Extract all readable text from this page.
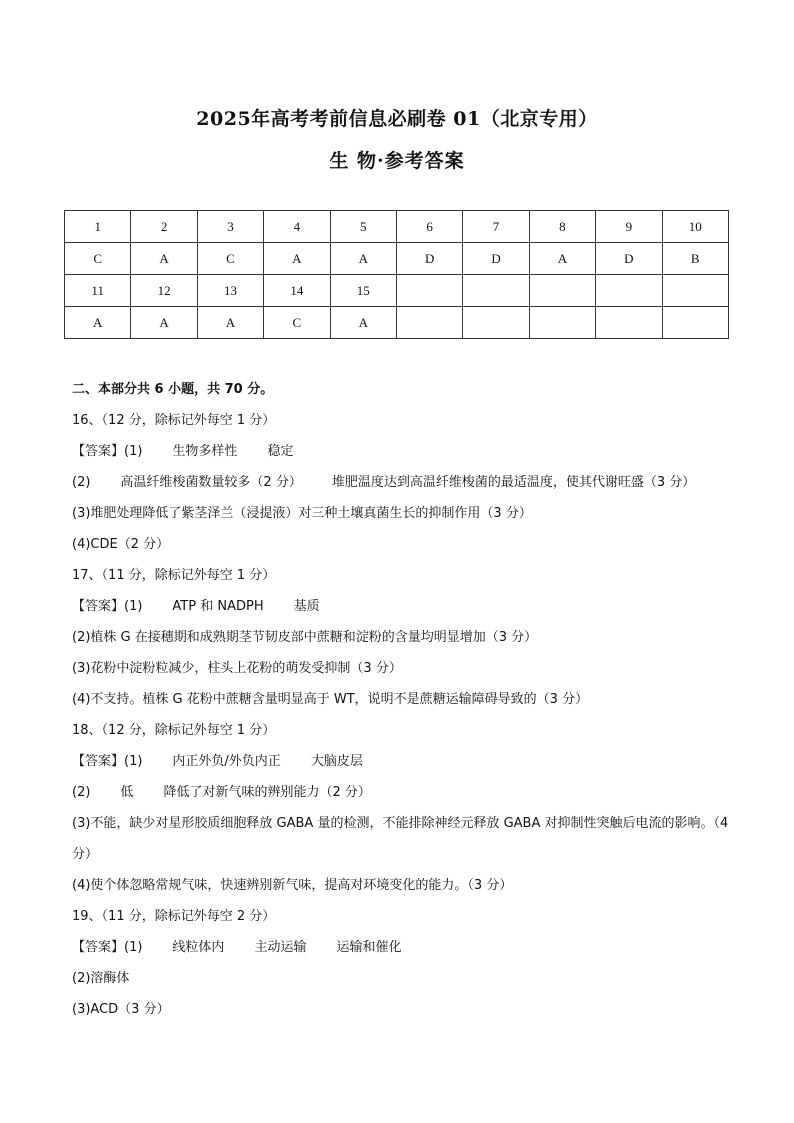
2025年高考考前信息必刷卷 01（北京专用）
生 物·参考答案
1	2	3	4	5	6	7	8	9	10
C	A	C	A	A	D	D	A	D	B
11	12	13	14	15					
A	A	A	C	A					
二、本部分共 6 小题，共 70 分。
16、（12 分，除标记外每空 1 分）
【答案】(1) 生物多样性 稳定
(2) 高温纤维梭菌数量较多（2 分） 堆肥温度达到高温纤维梭菌的最适温度，使其代谢旺盛（3 分）
(3)堆肥处理降低了紫茎泽兰（浸提液）对三种土壤真菌生长的抑制作用（3 分）
(4)CDE（2 分）
17、（11 分，除标记外每空 1 分）
【答案】(1) ATP 和 NADPH 基质
(2)植株 G 在接穗期和成熟期茎节韧皮部中蔗糖和淀粉的含量均明显增加（3 分）
(3)花粉中淀粉粒减少，柱头上花粉的萌发受抑制（3 分）
(4)不支持。植株 G 花粉中蔗糖含量明显高于 WT，说明不是蔗糖运输障碍导致的（3 分）
18、（12 分，除标记外每空 1 分）
【答案】(1) 内正外负/外负内正 大脑皮层
(2) 低 降低了对新气味的辨别能力（2 分）
(3)不能，缺少对星形胶质细胞释放 GABA 量的检测，不能排除神经元释放 GABA 对抑制性突触后电流的影响。（4 分）
(4)使个体忽略常规气味，快速辨别新气味，提高对环境变化的能力。（3 分）
19、（11 分，除标记外每空 2 分）
【答案】(1) 线粒体内 主动运输 运输和催化
(2)溶酶体
(3)ACD（3 分）
